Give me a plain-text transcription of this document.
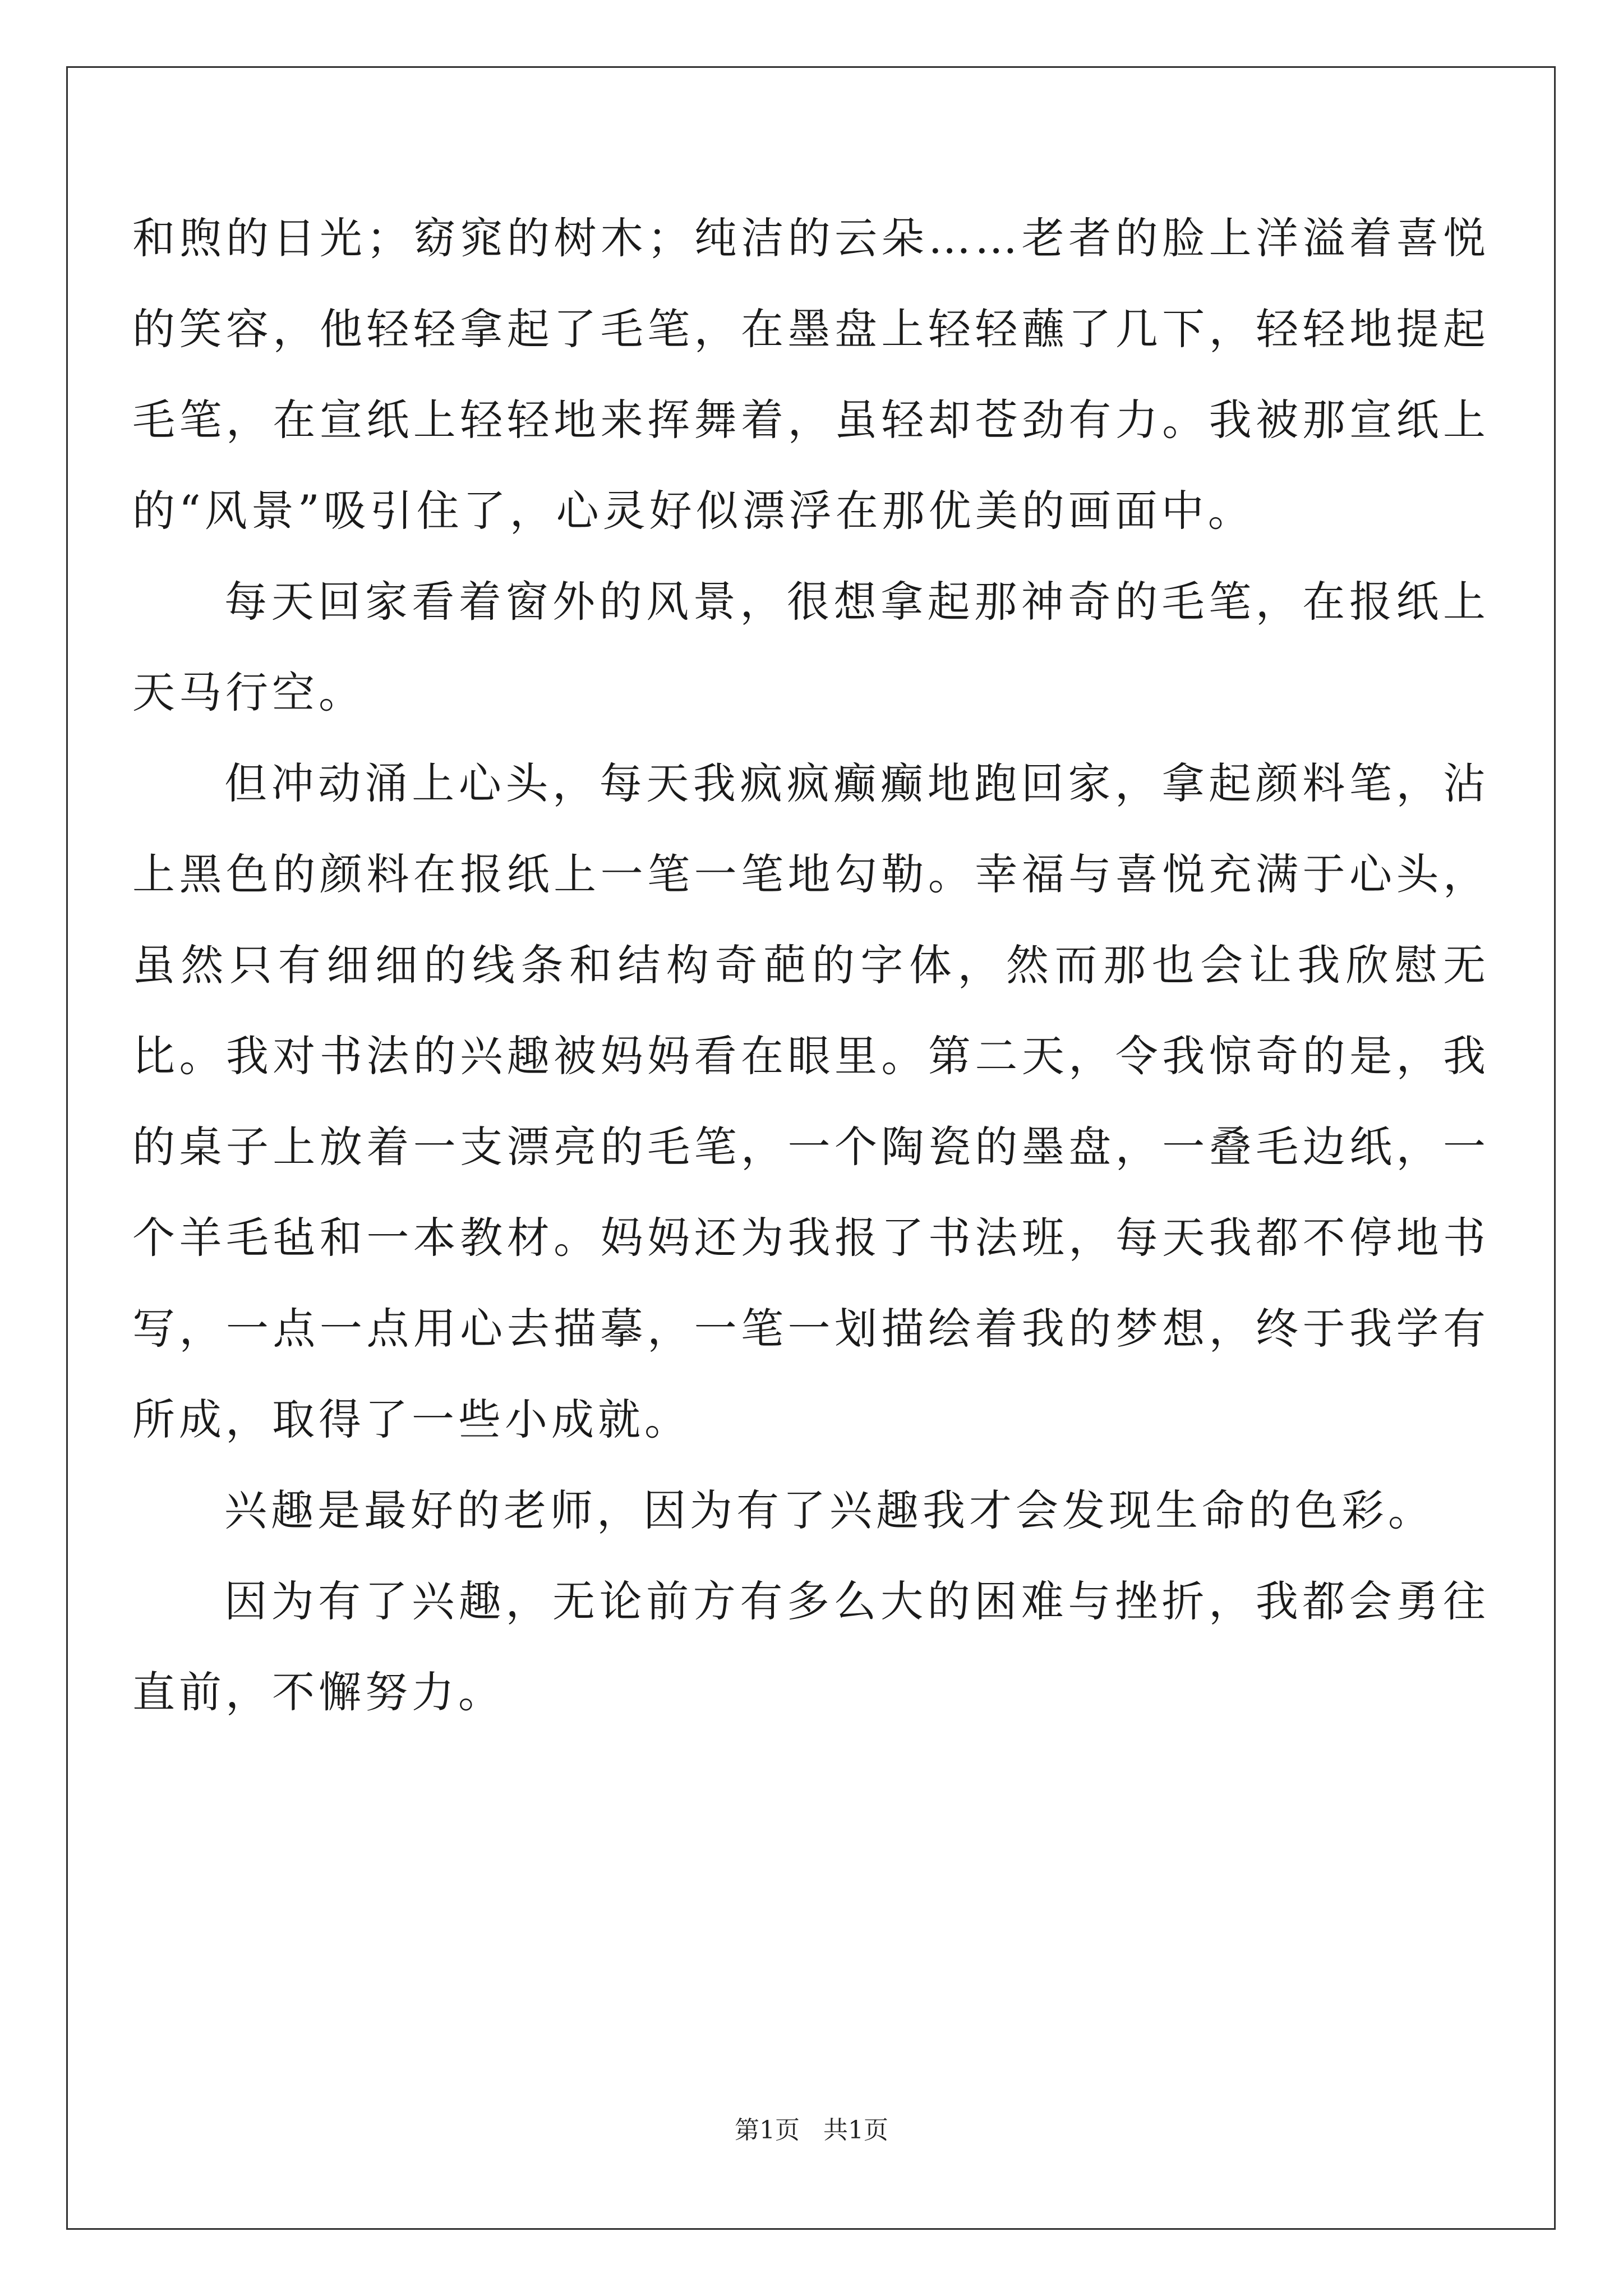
和煦的日光；窈窕的树木；纯洁的云朵……老者的脸上洋溢着喜悦的笑容，他轻轻拿起了毛笔，在墨盘上轻轻蘸了几下，轻轻地提起毛笔，在宣纸上轻轻地来挥舞着，虽轻却苍劲有力。我被那宣纸上的“风景”吸引住了，心灵好似漂浮在那优美的画面中。

每天回家看着窗外的风景，很想拿起那神奇的毛笔，在报纸上天马行空。

但冲动涌上心头，每天我疯疯癫癫地跑回家，拿起颜料笔，沾上黑色的颜料在报纸上一笔一笔地勾勒。幸福与喜悦充满于心头，虽然只有细细的线条和结构奇葩的字体，然而那也会让我欣慰无比。我对书法的兴趣被妈妈看在眼里。第二天，令我惊奇的是，我的桌子上放着一支漂亮的毛笔，一个陶瓷的墨盘，一叠毛边纸，一个羊毛毡和一本教材。妈妈还为我报了书法班，每天我都不停地书写，一点一点用心去描摹，一笔一划描绘着我的梦想，终于我学有所成，取得了一些小成就。

兴趣是最好的老师，因为有了兴趣我才会发现生命的色彩。

因为有了兴趣，无论前方有多么大的困难与挫折，我都会勇往直前，不懈努力。

第1页 共1页
